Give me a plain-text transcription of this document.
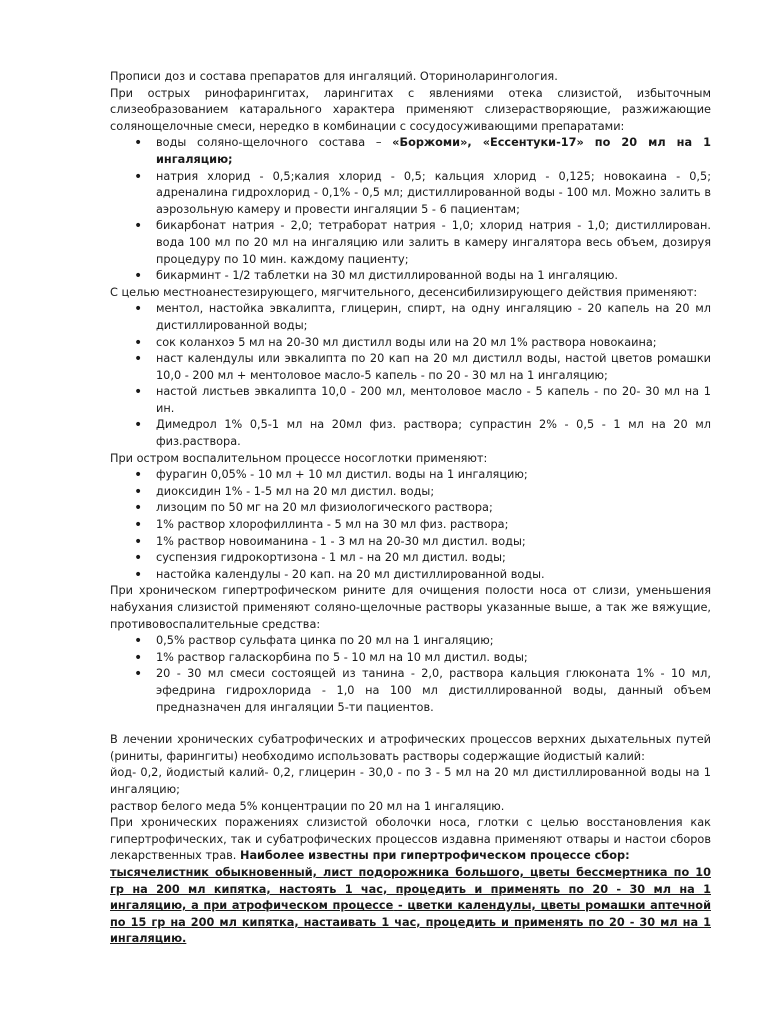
Прописи доз и состава препаратов для ингаляций. Оториноларингология.

При острых ринофарингитах, ларингитах с явлениями отека слизистой, избыточным слизеобразованием катарального характера применяют слизерастворяющие, разжижающие солянощелочные смеси, нередко в комбинации с сосудосуживающими препаратами:

• воды соляно-щелочного состава – «Боржоми», «Ессентуки-17» по 20 мл на 1 ингаляцию;
• натрия хлорид - 0,5;калия хлорид - 0,5; кальция хлорид - 0,125; новокаина - 0,5; адреналина гидрохлорид - 0,1% - 0,5 мл; дистиллированной воды - 100 мл. Можно залить в аэрозольную камеру и провести ингаляции 5 - 6 пациентам;
• бикарбонат натрия - 2,0; тетраборат натрия - 1,0; хлорид натрия - 1,0; дистиллирован. вода 100 мл по 20 мл на ингаляцию или залить в камеру ингалятора весь объем, дозируя процедуру по 10 мин. каждому пациенту;
• бикарминт - 1/2 таблетки на 30 мл дистиллированной воды на 1 ингаляцию.

С целью местноанестезирующего, мягчительного, десенсибилизирующего действия применяют:

• ментол, настойка эвкалипта, глицерин, спирт, на одну ингаляцию - 20 капель на 20 мл дистиллированной воды;
• сок коланхоэ 5 мл на 20-30 мл дистилл воды или на 20 мл 1% раствора новокаина;
• наст календулы или эвкалипта по 20 кап на 20 мл дистилл воды, настой цветов ромашки 10,0 - 200 мл + ментоловое масло-5 капель - по 20 - 30 мл на 1 ингаляцию;
• настой листьев эвкалипта 10,0 - 200 мл, ментоловое масло - 5 капель - по 20- 30 мл на 1 ин.
• Димедрол 1% 0,5-1 мл на 20мл физ. раствора; супрастин 2% - 0,5 - 1 мл на 20 мл физ.раствора.

При остром воспалительном процессе носоглотки применяют:

• фурагин 0,05% - 10 мл + 10 мл дистил. воды на 1 ингаляцию;
• диоксидин 1% - 1-5 мл на 20 мл дистил. воды;
• лизоцим по 50 мг на 20 мл физиологического раствора;
• 1% раствор хлорофиллинта - 5 мл на 30 мл физ. раствора;
• 1% раствор новоиманина - 1 - 3 мл на 20-30 мл дистил. воды;
• суспензия гидрокортизона - 1 мл - на 20 мл дистил. воды;
• настойка календулы - 20 кап. на 20 мл дистиллированной воды.

При хроническом гипертрофическом рините для очищения полости носа от слизи, уменьшения набухания слизистой применяют соляно-щелочные растворы указанные выше, а так же вяжущие, противовоспалительные средства:

• 0,5% раствор сульфата цинка по 20 мл на 1 ингаляцию;
• 1% раствор галаскорбина по 5 - 10 мл на 10 мл дистил. воды;
• 20 - 30 мл смеси состоящей из танина - 2,0, раствора кальция глюконата 1% - 10 мл, эфедрина гидрохлорида - 1,0 на 100 мл дистиллированной воды, данный объем предназначен для ингаляции 5-ти пациентов.

В лечении хронических субатрофических и атрофических процессов верхних дыхательных путей (риниты, фарингиты) необходимо использовать растворы содержащие йодистый калий:

йод- 0,2, йодистый калий- 0,2, глицерин - 30,0 - по 3 - 5 мл на 20 мл дистиллированной воды на 1 ингаляцию;

раствор белого меда 5% концентрации по 20 мл на 1 ингаляцию.

При хронических поражениях слизистой оболочки носа, глотки с целью восстановления как гипертрофических, так и субатрофических процессов издавна применяют отвары и настои сборов лекарственных трав. Наиболее известны при гипертрофическом процессе сбор:

тысячелистник обыкновенный, лист подорожника большого, цветы бессмертника по 10 гр на 200 мл кипятка, настоять 1 час, процедить и применять по 20 - 30 мл на 1 ингаляцию, а при атрофическом процессе - цветки календулы, цветы ромашки аптечной по 15 гр на 200 мл кипятка, настаивать 1 час, процедить и применять по 20 - 30 мл на 1 ингаляцию.
